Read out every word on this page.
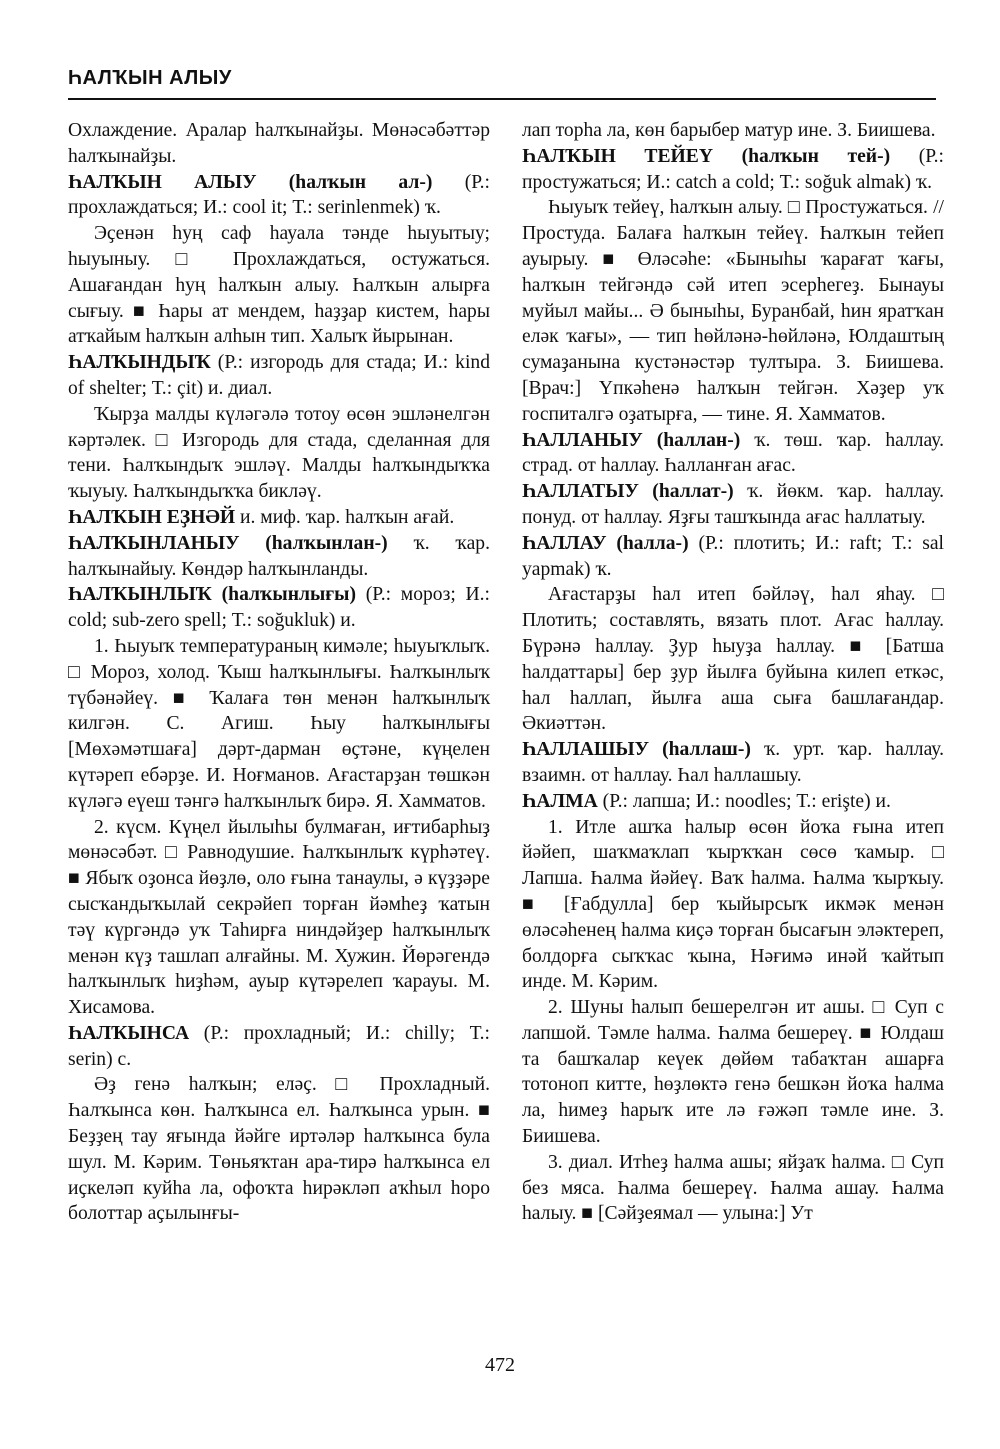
ҺАЛҠЫН АЛЫУ

Охлаждение. Аралар һалҡынайҙы. Мөнәсәбәттәр һалҡынайҙы.

ҺАЛҠЫН АЛЫУ (һалҡын ал-) (Р.: прохлаждаться; И.: cool it; Т.: serinlenmek) ҡ.

Эҫенән һуң саф һауала тәнде һыуытыу; һыуыныу. □ Прохлаждаться, остужаться. Ашағандан һуң һалҡын алыу. Һалҡын алырға сығыу. ■ Һары ат мендем, һаҙҙар кистем, һары атҡайым һалҡын алһын тип. Халыҡ йырынан.

ҺАЛҠЫНДЫҠ (Р.: изгородь для стада; И.: kind of shelter; Т.: çit) и. диал.

Ҡырҙа малды күләгәлә тотоу өсөн эшләнелгән кәртәлек. □ Изгородь для стада, сделанная для тени. Һалҡындыҡ эшләү. Малды һалҡындыҡҡа ҡыуыу. Һалҡындыҡҡа бикләү.

ҺАЛҠЫН ЕҘНӘЙ и. миф. ҡар. һалҡын ағай.

ҺАЛҠЫНЛАНЫУ (һалҡынлан-) ҡ. ҡар. һалҡынайыу. Көндәр һалҡынланды.

ҺАЛҠЫНЛЫҠ (һалҡынлығы) (Р.: мороз; И.: cold; sub-zero spell; Т.: soğukluk) и.

1. Һыуыҡ температураның кимәле; һыуыҡлыҡ. □ Мороз, холод. Ҡыш һалҡынлығы. Һалҡынлыҡ түбәнәйеү. ■ Ҡалаға төн менән һалҡынлыҡ килгән. С. Агиш. Һыу һалҡынлығы [Мөхәмәтшаға] дәрт-дарман өҫтәне, күңелен күтәреп ебәрҙе. И. Ноғманов. Ағастарҙан төшкән күләгә еүеш тәнгә һалҡынлыҡ бирә. Я. Хамматов.

2. күсм. Күңел йылыһы булмаған, иғтибарһыҙ мөнәсәбәт. □ Равнодушие. Һалҡынлыҡ күрһәтеү. ■ Ябыҡ оҙонса йөҙлө, оло ғына танаулы, ә күҙҙәре сысҡандыҡылай секрәйеп торған йәмһеҙ ҡатын тәү күргәндә уҡ Таһирға ниндәйҙер һалҡынлыҡ менән күҙ ташлап алғайны. М. Хужин. Йөрәгендә һалҡынлыҡ һиҙһәм, ауыр күтәрелеп ҡарауы. М. Хисамова.

ҺАЛҠЫНСА (Р.: прохладный; И.: chilly; Т.: serin) с.

Әҙ генә һалҡын; еләҫ. □ Прохладный. Һалҡынса көн. Һалҡынса ел. Һалҡынса урын. ■ Беҙҙең тау яғында йәйге иртәләр һалҡынса була шул. М. Кәрим. Төньяҡтан ара-тирә һалҡынса ел иҫкеләп куйһа ла, офоҡта һирәкләп аҡһыл һоро болоттар аҫылынғы-

лап торһа ла, көн барыбер матур ине. З. Биишева.

ҺАЛҠЫН ТЕЙЕҮ (һалҡын тей-) (Р.: простужаться; И.: catch a cold; Т.: soğuk almak) ҡ.

Һыуыҡ тейеү, һалҡын алыу. □ Простужаться. // Простуда. Балаға һалҡын тейеү. Һалҡын тейеп ауырыу. ■ Өләсәһе: «Быныһы ҡарағат ҡағы, һалҡын тейгәндә сәй итеп эсерһегеҙ. Бынауы муйыл майы... Ә быныһы, Буранбай, һин яратҡан еләк ҡағы», — тип һөйләнә-һөйләнә, Юлдаштың сумаҙанына кустәнәстәр тултыра. З. Биишева. [Врач:] Үпкәһенә һалҡын тейгән. Хәҙер уҡ госпиталгә оҙатырға, — тине. Я. Хамматов.

ҺАЛЛАНЫУ (һаллан-) ҡ. төш. ҡар. һаллау. страд. от һаллау. Һалланған ағас.

ҺАЛЛАТЫУ (һаллат-) ҡ. йөкм. ҡар. һаллау. понуд. от һаллау. Яҙғы ташҡында ағас һаллатыу.

ҺАЛЛАУ (һалла-) (Р.: плотить; И.: raft; Т.: sal yapmak) ҡ.

Ағастарҙы һал итеп бәйләү, һал яһау. □ Плотить; составлять, вязать плот. Ағас һаллау. Бүрәнә һаллау. Ҙур һыуҙа һаллау. ■ [Батша һалдаттары] бер ҙур йылға буйына килеп еткәс, һал һаллап, йылға аша сыға башлағандар. Әкиәттән.

ҺАЛЛАШЫУ (һаллаш-) ҡ. урт. ҡар. һаллау. взаимн. от һаллау. Һал һаллашыу.

ҺАЛМА (Р.: лапша; И.: noodles; Т.: erişte) и.

1. Итле ашҡа һалыр өсөн йоҡа ғына итеп йәйеп, шаҡмаҡлап ҡырҡҡан сөсө ҡамыр. □ Лапша. Һалма йәйеү. Ваҡ һалма. Һалма ҡырҡыу. ■ [Ғабдулла] бер ҡыйырсыҡ икмәк менән өләсәһенең һалма киҫә торған бысағын эләктереп, болдорға сыҡҡас ҡына, Нәғимә инәй ҡайтып инде. М. Кәрим.

2. Шуны һалып бешерелгән ит ашы. □ Суп с лапшой. Тәмле һалма. Һалма бешереү. ■ Юлдаш та башҡалар кеүек дөйөм табаҡтан ашарға тотоноп китте, һөҙлөктә генә бешкән йоҡа һалма ла, һимеҙ һарыҡ ите лә ғәжәп тәмле ине. З. Биишева.

3. диал. Итһеҙ һалма ашы; яйҙаҡ һалма. □ Суп без мяса. Һалма бешереү. Һалма ашау. Һалма һалыу. ■ [Сәйҙеямал — улына:] Ут

472
